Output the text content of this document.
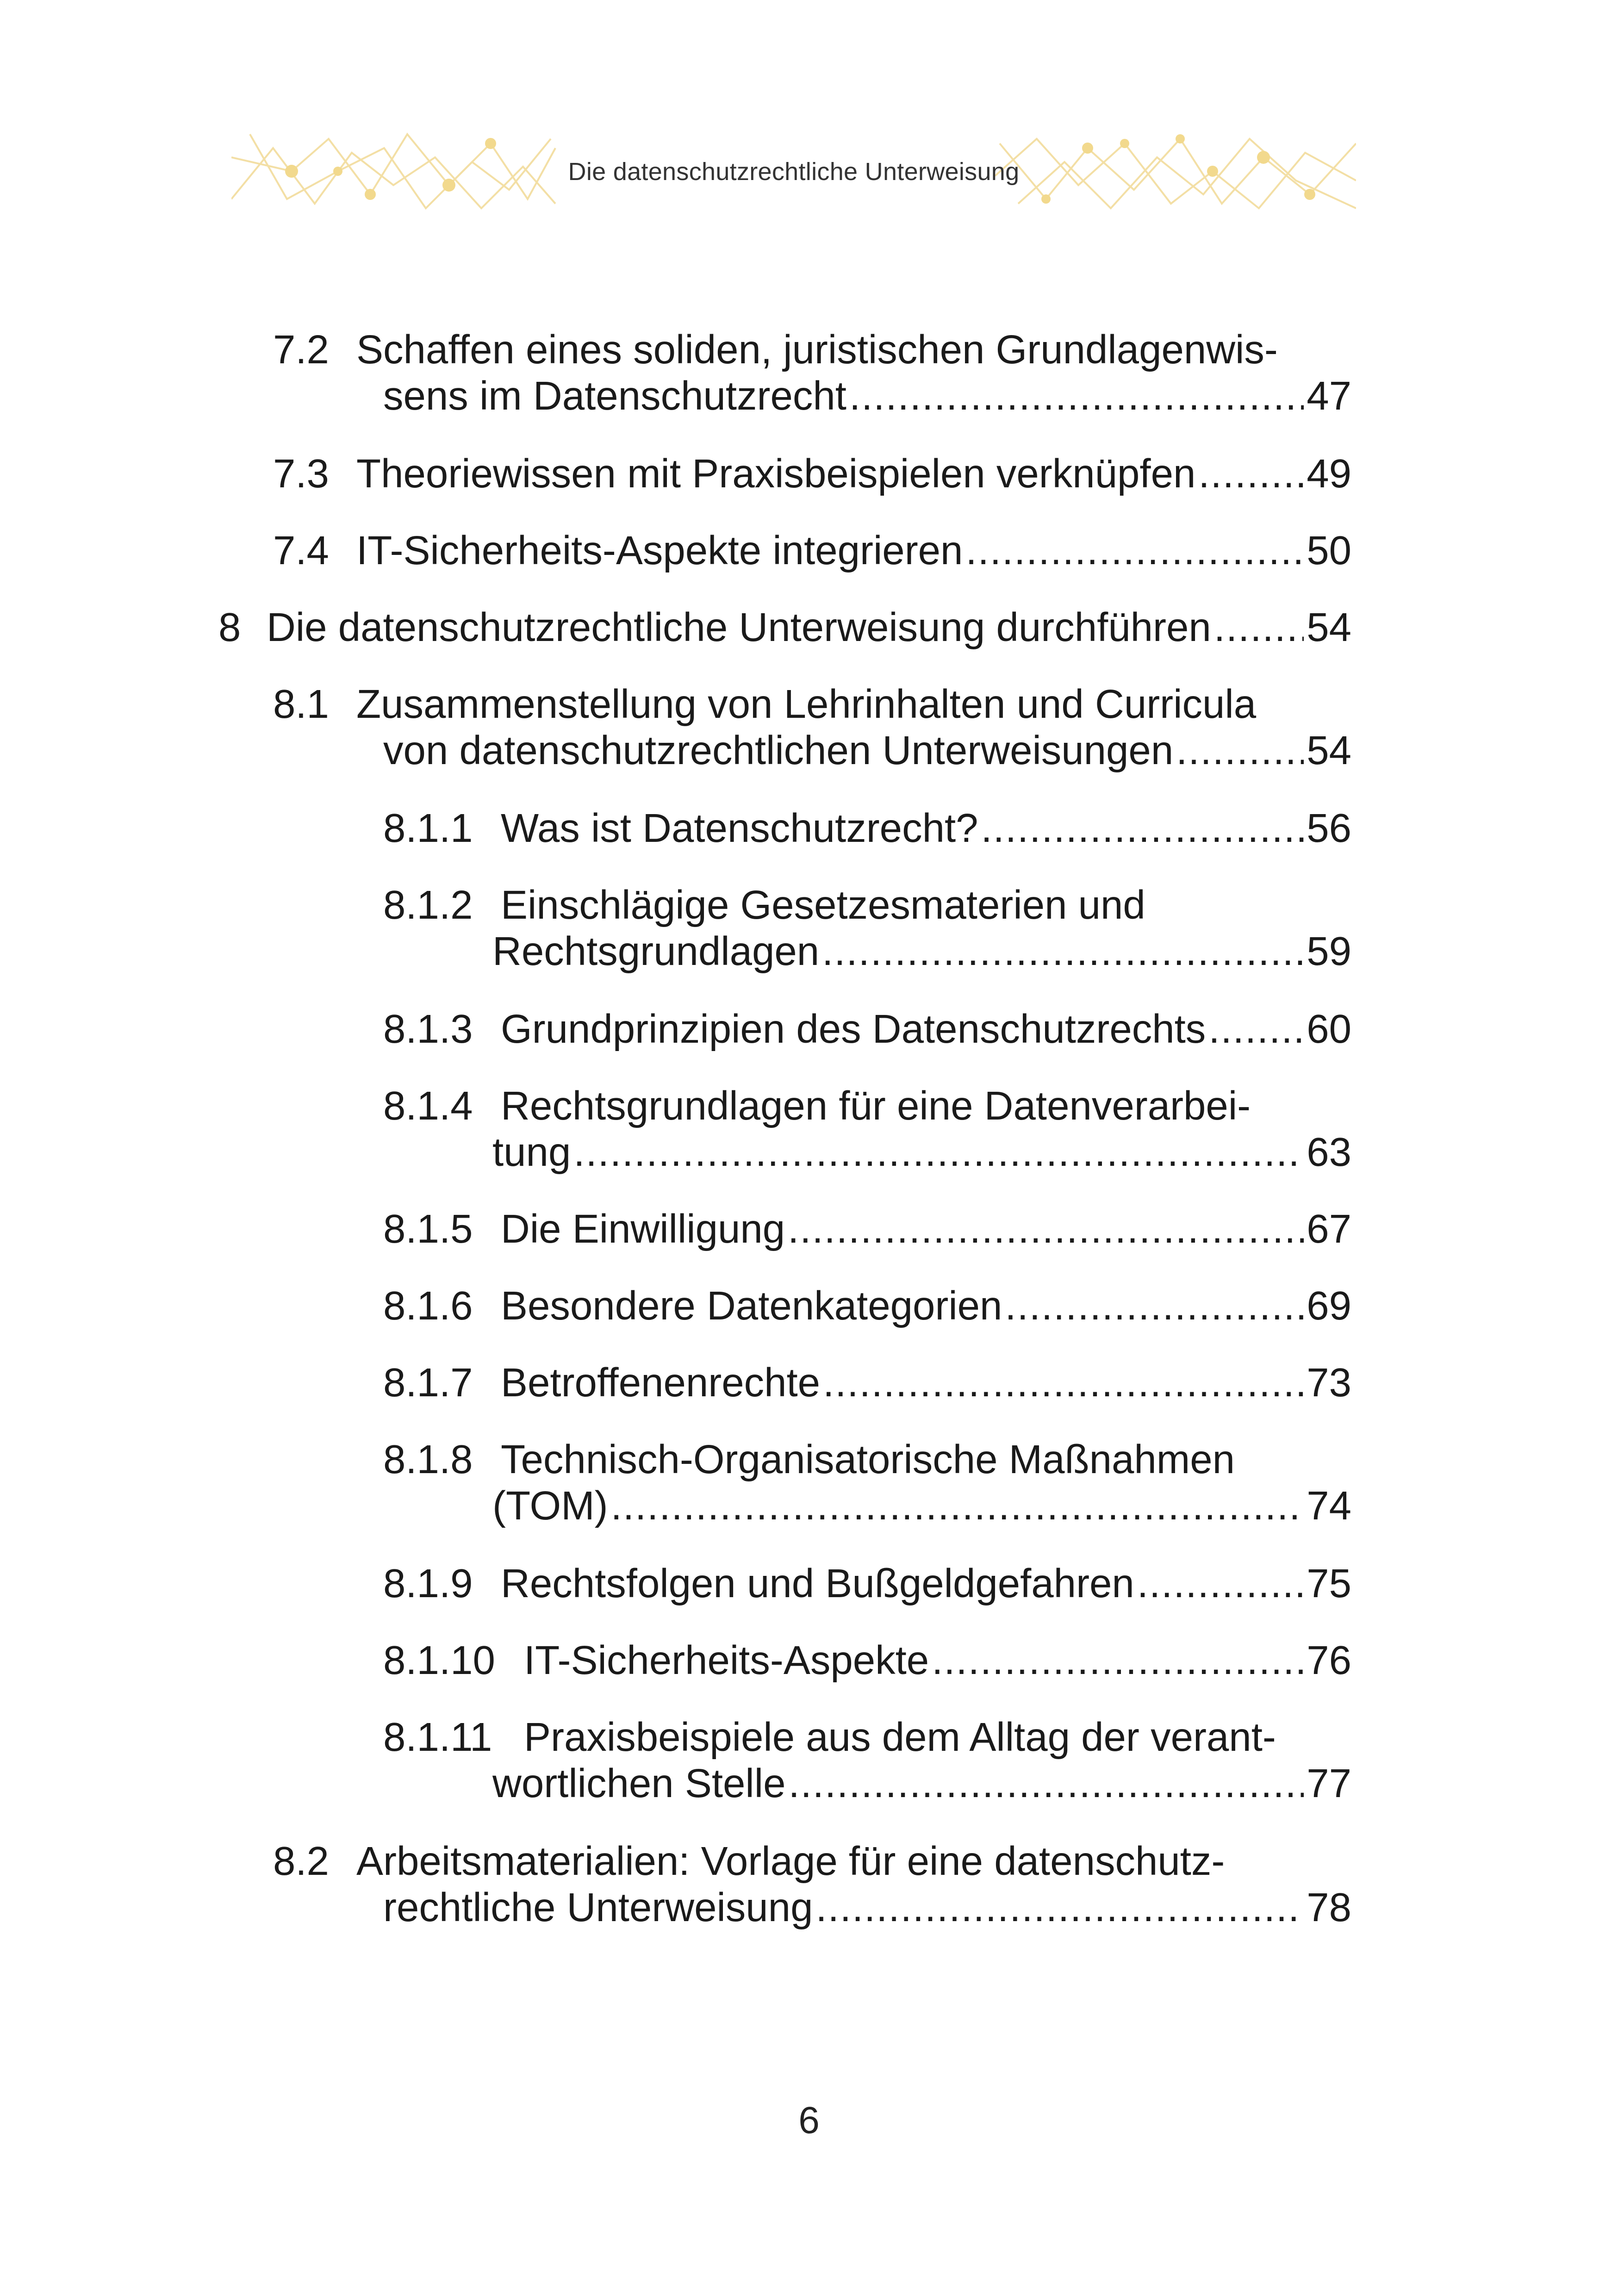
Die datenschutzrechtliche Unterweisung
7.2 Schaffen eines soliden, juristischen Grundlagenwis-
sens im Datenschutzrecht .....	47
7.3 Theoriewissen mit Praxisbeispielen verknüpfen .....	49
7.4 IT-Sicherheits-Aspekte integrieren .....	50
8 Die datenschutzrechtliche Unterweisung durchführen ..... 54
8.1 Zusammenstellung von Lehrinhalten und Curricula
von datenschutzrechtlichen Unterweisungen .....	54
8.1.1 Was ist Datenschutzrecht? .....	56
8.1.2 Einschlägige Gesetzesmaterien und
Rechtsgrundlagen .....	59
8.1.3 Grundprinzipien des Datenschutzrechts .....	60
8.1.4 Rechtsgrundlagen für eine Datenverarbei-
tung .....	63
8.1.5 Die Einwilligung .....	67
8.1.6 Besondere Datenkategorien .....	69
8.1.7 Betroffenenrechte .....	73
8.1.8 Technisch-Organisatorische Maßnahmen
(TOM) .....	74
8.1.9 Rechtsfolgen und Bußgeldgefahren .....	75
8.1.10 IT-Sicherheits-Aspekte .....	76
8.1.11 Praxisbeispiele aus dem Alltag der verant-
wortlichen Stelle .....	77
8.2 Arbeitsmaterialien: Vorlage für eine datenschutz-
rechtliche Unterweisung .....	78
6
